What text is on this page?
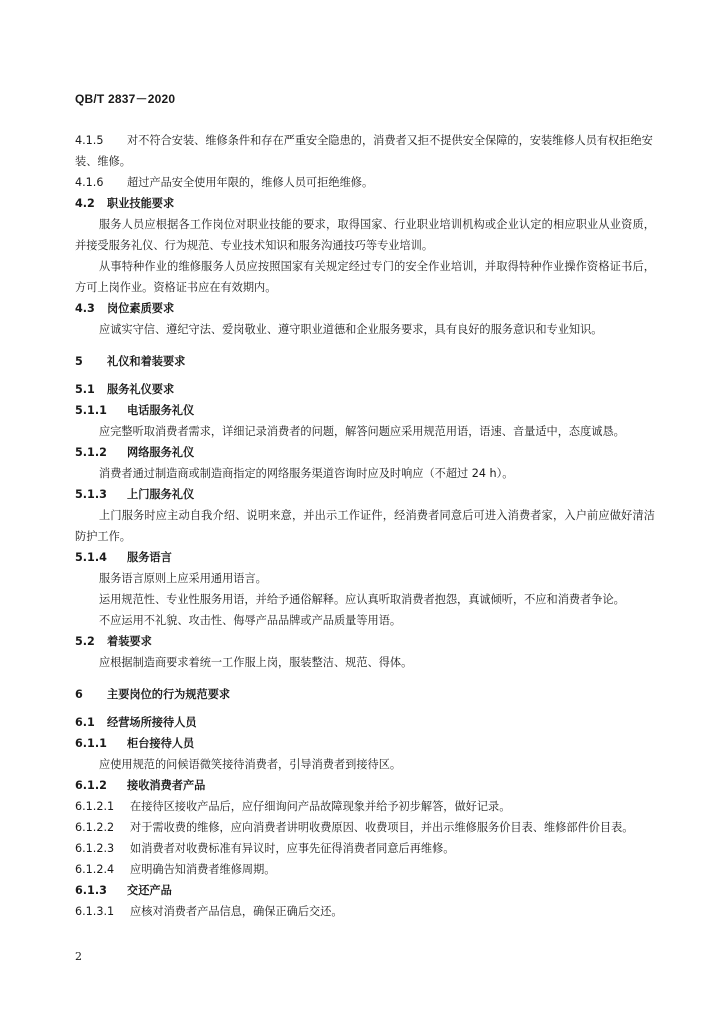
QB/T 2837－2020
4.1.5 对不符合安装、维修条件和存在严重安全隐患的，消费者又拒不提供安全保障的，安装维修人员有权拒绝安装、维修。
4.1.6 超过产品安全使用年限的，维修人员可拒绝维修。
4.2 职业技能要求
服务人员应根据各工作岗位对职业技能的要求，取得国家、行业职业培训机构或企业认定的相应职业从业资质，并接受服务礼仪、行为规范、专业技术知识和服务沟通技巧等专业培训。
从事特种作业的维修服务人员应按照国家有关规定经过专门的安全作业培训，并取得特种作业操作资格证书后，方可上岗作业。资格证书应在有效期内。
4.3 岗位素质要求
应诚实守信、遵纪守法、爱岗敬业、遵守职业道德和企业服务要求，具有良好的服务意识和专业知识。
5 礼仪和着装要求
5.1 服务礼仪要求
5.1.1 电话服务礼仪
应完整听取消费者需求，详细记录消费者的问题，解答问题应采用规范用语，语速、音量适中，态度诚恳。
5.1.2 网络服务礼仪
消费者通过制造商或制造商指定的网络服务渠道咨询时应及时响应（不超过 24 h）。
5.1.3 上门服务礼仪
上门服务时应主动自我介绍、说明来意，并出示工作证件，经消费者同意后可进入消费者家，入户前应做好清洁防护工作。
5.1.4 服务语言
服务语言原则上应采用通用语言。
运用规范性、专业性服务用语，并给予通俗解释。应认真听取消费者抱怨，真诚倾听，不应和消费者争论。
不应运用不礼貌、攻击性、侮辱产品品牌或产品质量等用语。
5.2 着装要求
应根据制造商要求着统一工作服上岗，服装整洁、规范、得体。
6 主要岗位的行为规范要求
6.1 经营场所接待人员
6.1.1 柜台接待人员
应使用规范的问候语微笑接待消费者，引导消费者到接待区。
6.1.2 接收消费者产品
6.1.2.1 在接待区接收产品后，应仔细询问产品故障现象并给予初步解答，做好记录。
6.1.2.2 对于需收费的维修，应向消费者讲明收费原因、收费项目，并出示维修服务价目表、维修部件价目表。
6.1.2.3 如消费者对收费标准有异议时，应事先征得消费者同意后再维修。
6.1.2.4 应明确告知消费者维修周期。
6.1.3 交还产品
6.1.3.1 应核对消费者产品信息，确保正确后交还。
2
